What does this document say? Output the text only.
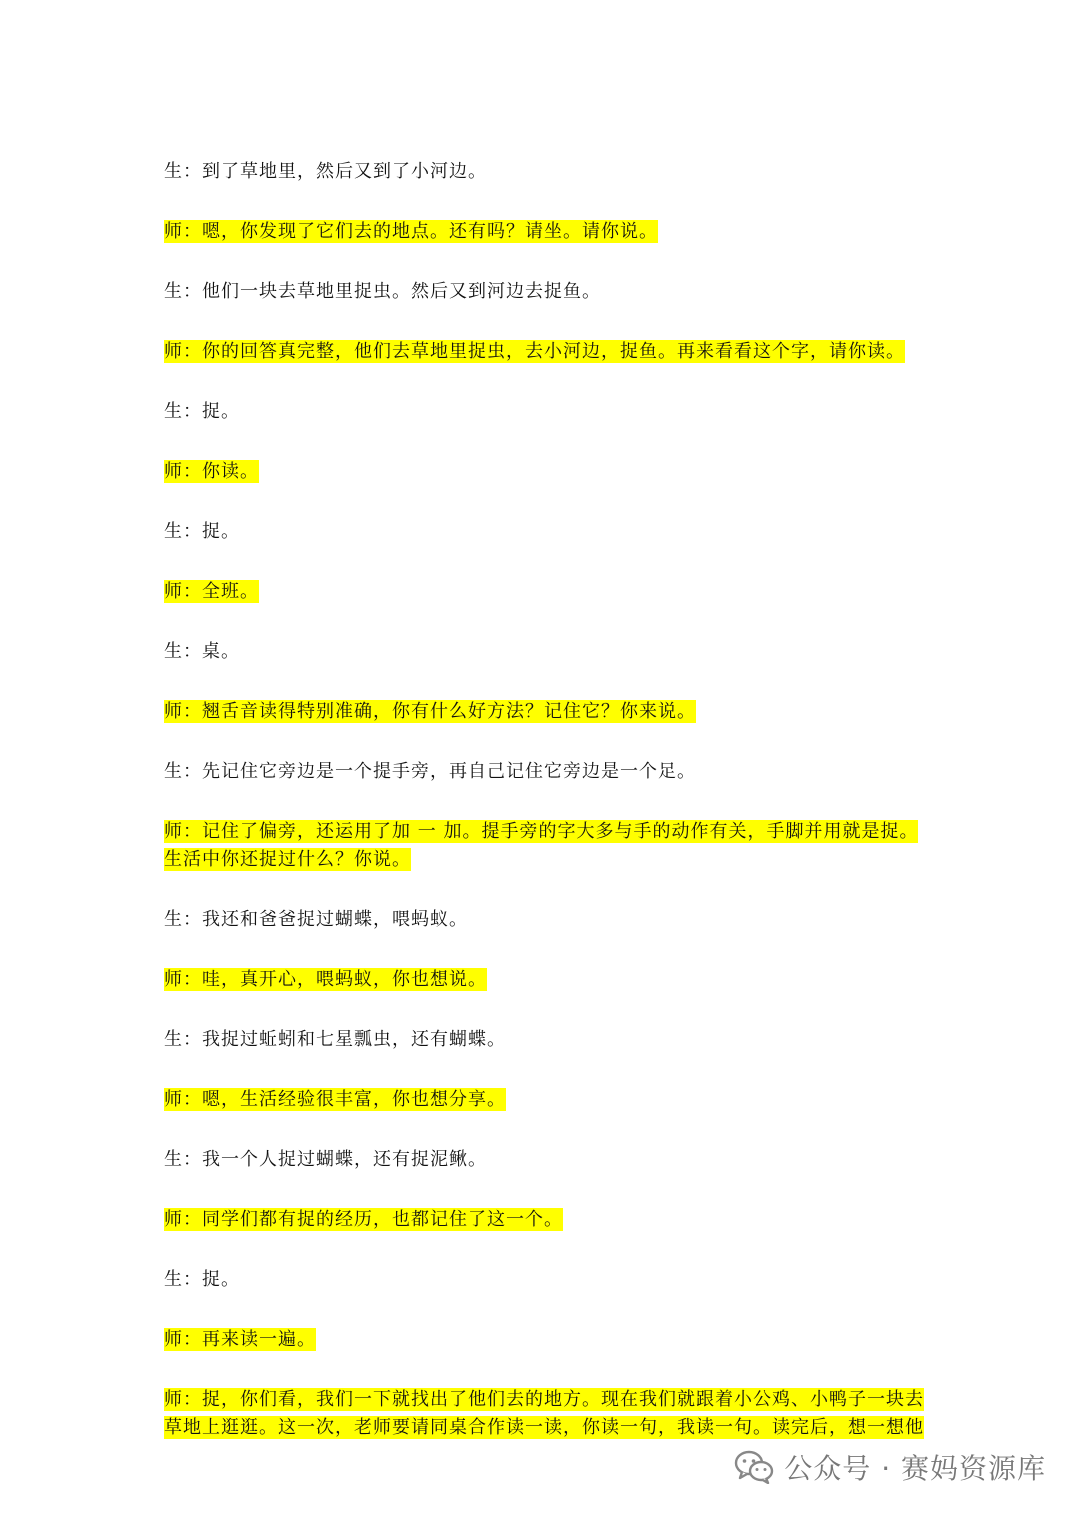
生：到了草地里，然后又到了小河边。
师：嗯，你发现了它们去的地点。还有吗？请坐。请你说。
生：他们一块去草地里捉虫。然后又到河边去捉鱼。
师：你的回答真完整，他们去草地里捉虫，去小河边，捉鱼。再来看看这个字，请你读。
生：捉。
师：你读。
生：捉。
师：全班。
生：桌。
师：翘舌音读得特别准确，你有什么好方法？记住它？你来说。
生：先记住它旁边是一个提手旁，再自己记住它旁边是一个足。
师：记住了偏旁，还运用了加 一 加。提手旁的字大多与手的动作有关，手脚并用就是捉。生活中你还捉过什么？你说。
生：我还和爸爸捉过蝴蝶，喂蚂蚁。
师：哇，真开心，喂蚂蚁，你也想说。
生：我捉过蚯蚓和七星瓢虫，还有蝴蝶。
师：嗯，生活经验很丰富，你也想分享。
生：我一个人捉过蝴蝶，还有捉泥鳅。
师：同学们都有捉的经历，也都记住了这一个。
生：捉。
师：再来读一遍。
师：捉，你们看，我们一下就找出了他们去的地方。现在我们就跟着小公鸡、小鸭子一块去草地上逛逛。这一次，老师要请同桌合作读一读，你读一句，我读一句。读完后，想一想他
公众号 · 赛妈资源库
